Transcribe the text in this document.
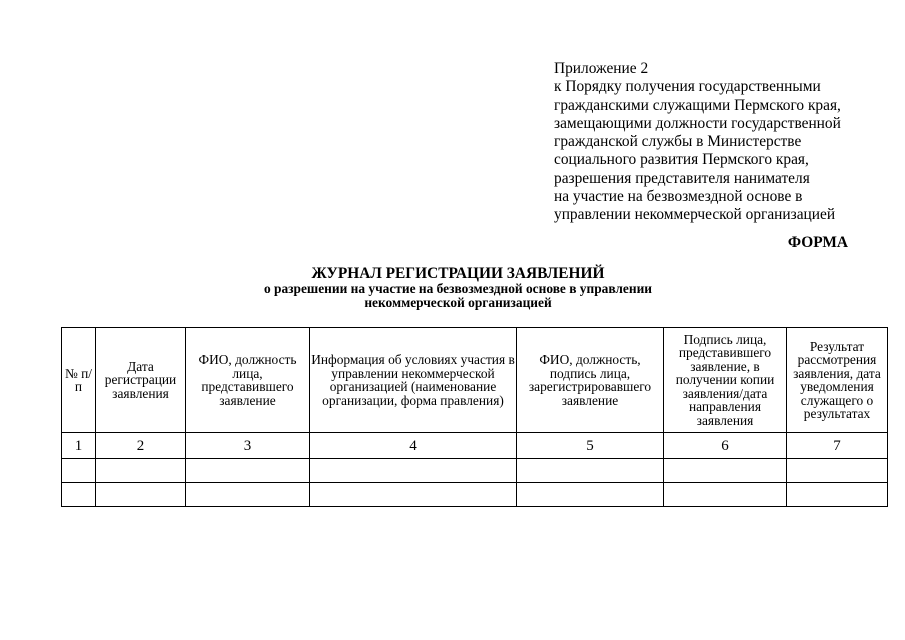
Приложение 2
к Порядку получения государственными
гражданскими служащими Пермского края,
замещающими должности государственной
гражданской службы в Министерстве
социального развития Пермского края,
разрешения представителя нанимателя
на участие на безвозмездной основе в
управлении некоммерческой организацией
ФОРМА
ЖУРНАЛ РЕГИСТРАЦИИ ЗАЯВЛЕНИЙ
о разрешении на участие на безвозмездной основе в управлении
некоммерческой организацией
№ п/п	Дата регистрации заявления	ФИО, должность лица, представившего заявление	Информация об условиях участия в управлении некоммерческой организацией (наименование организации, форма правления)	ФИО, должность, подпись лица, зарегистрировавшего заявление	Подпись лица, представившего заявление, в получении копии заявления/дата направления заявления	Результат рассмотрения заявления, дата уведомления служащего о результатах
1	2	3	4	5	6	7
